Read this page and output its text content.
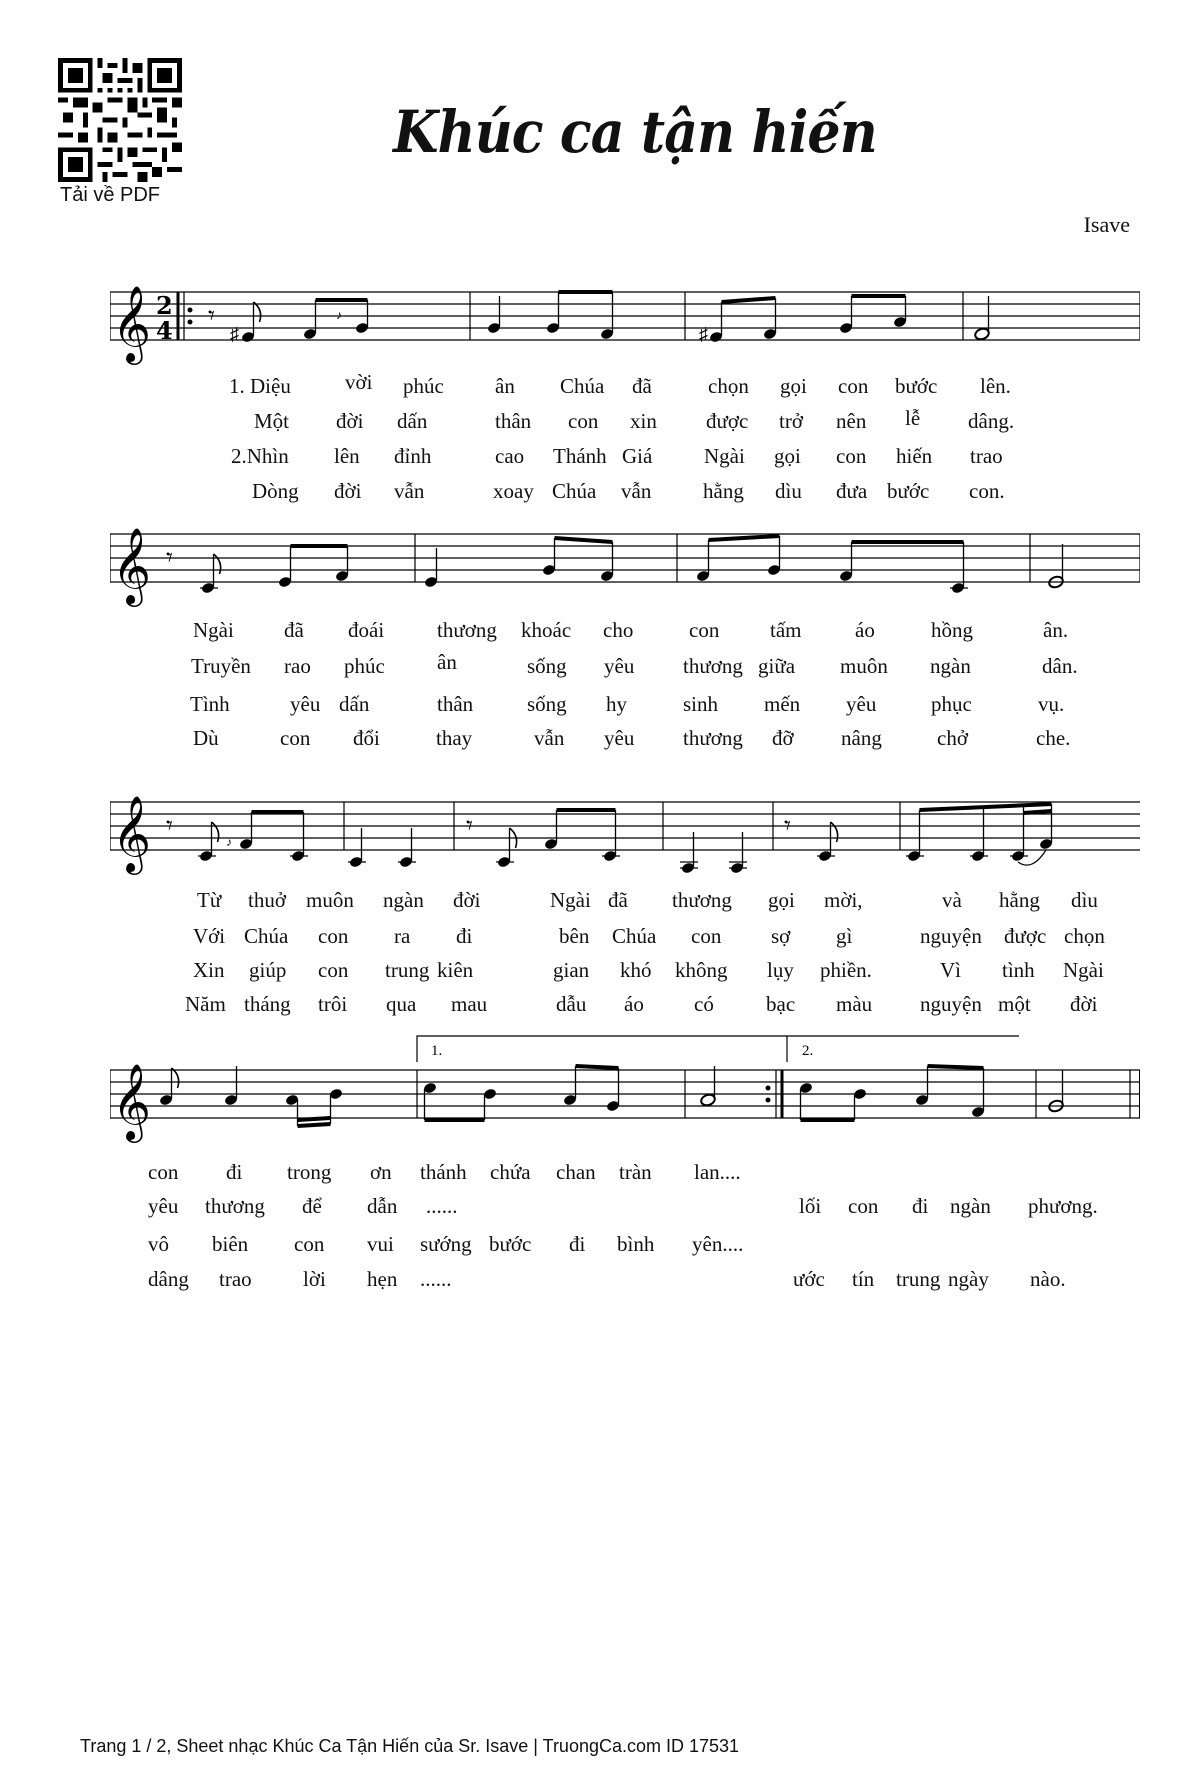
Tải về PDF
Khúc ca tận hiến
Isave
𝄞 2
4 𝄾
♯
♪
♯
1. Diệu	vời phúc ân Chúa đã	chọn gọi con bước lên.
Một đời dấn	thân con xin được trở nên lễ dâng.
2.Nhìn lên đỉnh	cao Thánh Giá Ngài gọi con hiến trao
Dòng đời vẫn	xoay Chúa vẫn hằng dìu đưa bước con.
𝄞 𝄾
Ngài đã đoái	thương khoác cho	con tấm	áo	hồng	ân.
Truyền rao phúc ân	sống yêu thương giữa muôn ngàn	dân.
Tình	yêu dấn	thân	sống hy	sinh mến yêu	phục	vụ.
Dù	con đổi	thay	vẫn yêu thương đỡ nâng	chở	che.
𝄞 𝄾
♪
𝄾	𝄾
Từ thuở muôn ngàn đời	Ngài đã thương gọi mời,	và hằng dìu
Với Chúa con ra đi	bên Chúa con sợ gì	nguyện được chọn
Xin giúp con trung kiên	gian khó không lụy phiền.	Vì tình Ngài
Năm tháng trôi qua mau	dẫu áo có bạc màu nguyện một đời
1.	2.
𝄞
con đi trong ơn thánh chứa chan tràn lan....
yêu thương để dẫn ......	lối con đi ngàn phương.
vô biên con vui sướng bước đi bình yên....
dâng trao lời hẹn ......	ước tín trung ngày nào.
Trang 1 / 2, Sheet nhạc Khúc Ca Tận Hiến của Sr. Isave | TruongCa.com ID 17531
